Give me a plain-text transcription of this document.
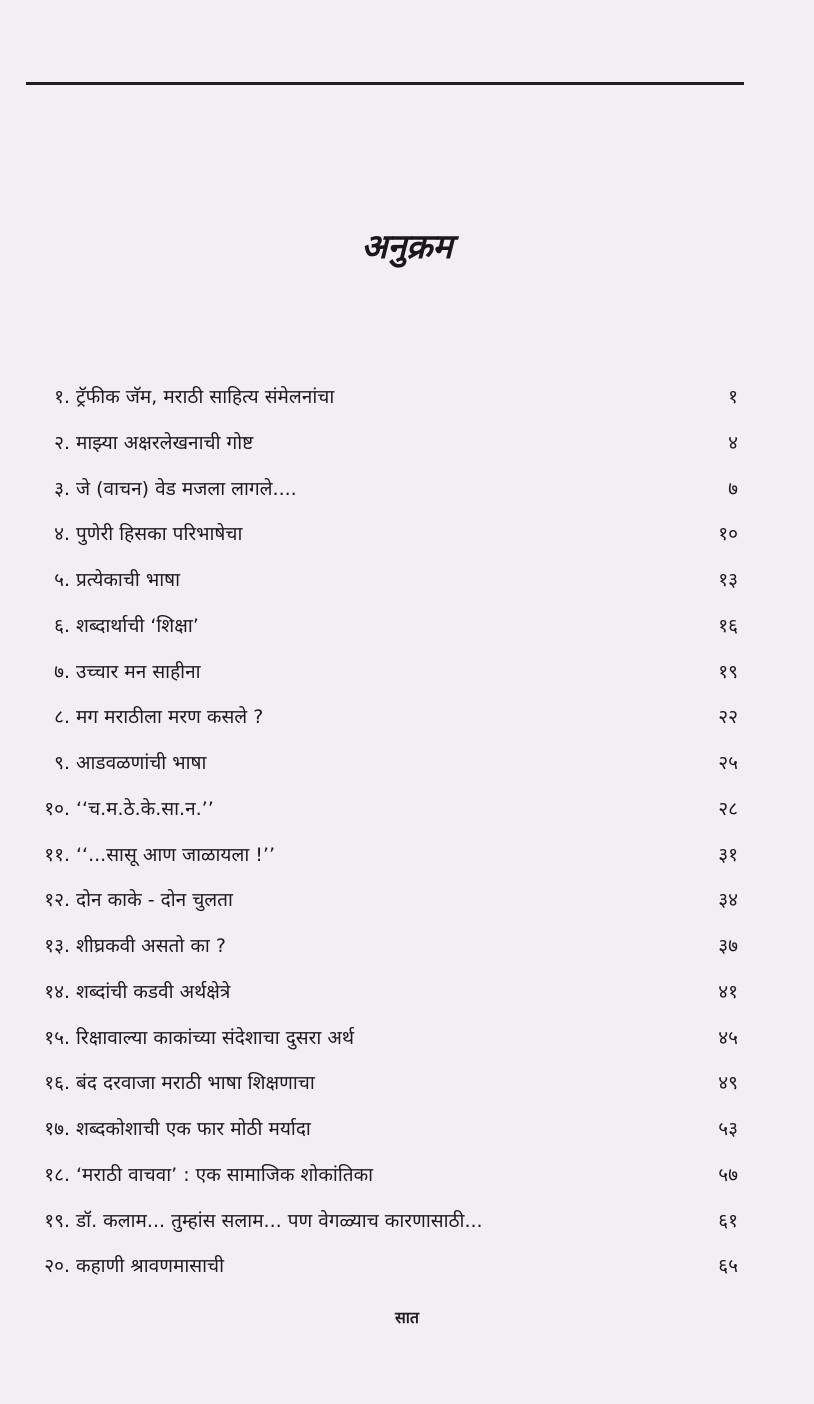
अनुक्रम
१. ट्रॅफीक जॅम, मराठी साहित्य संमेलनांचा	१
२. माझ्या अक्षरलेखनाची गोष्ट	४
३. जे (वाचन) वेड मजला लागले....	७
४. पुणेरी हिसका परिभाषेचा	१०
५. प्रत्येकाची भाषा	१३
६. शब्दार्थाची ‘शिक्षा’	१६
७. उच्चार मन साहीना	१९
८. मग मराठीला मरण कसले ?	२२
९. आडवळणांची भाषा	२५
१०. ‘‘च.म.ठे.के.सा.न.’’	२८
११. ‘‘...सासू आण जाळायला !’’	३१
१२. दोन काके - दोन चुलता	३४
१३. शीघ्रकवी असतो का ?	३७
१४. शब्दांची कडवी अर्थक्षेत्रे	४१
१५. रिक्षावाल्या काकांच्या संदेशाचा दुसरा अर्थ	४५
१६. बंद दरवाजा मराठी भाषा शिक्षणाचा	४९
१७. शब्दकोशाची एक फार मोठी मर्यादा	५३
१८. ‘मराठी वाचवा’ : एक सामाजिक शोकांतिका	५७
१९. डॉ. कलाम... तुम्हांस सलाम... पण वेगळ्याच कारणासाठी...	६१
२०. कहाणी श्रावणमासाची	६५
सात
